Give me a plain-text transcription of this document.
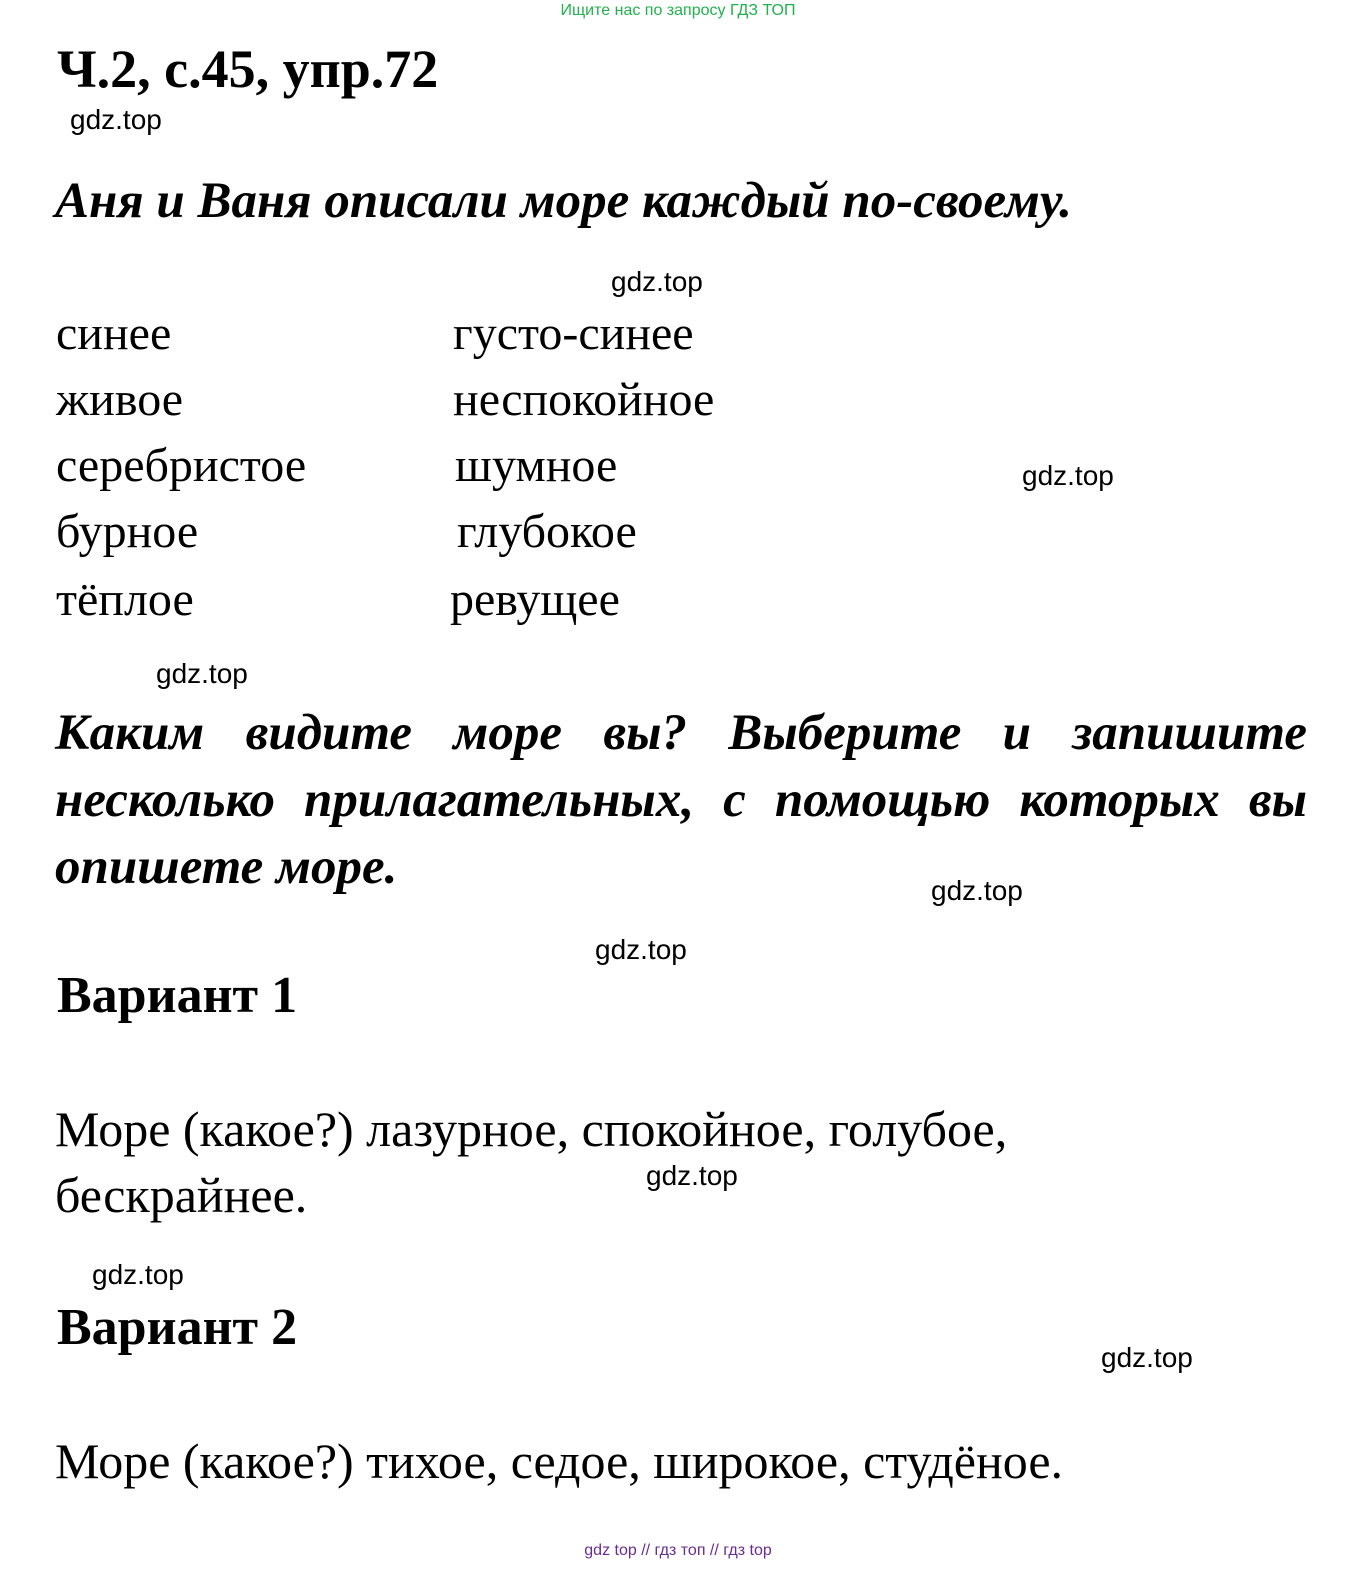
Ищите нас по запросу ГДЗ ТОП
Ч.2, с.45, упр.72
gdz.top
Аня и Ваня описали море каждый по-своему.
gdz.top
синее
живое
серебристое
бурное
тёплое
густо-синее
неспокойное
шумное
глубокое
ревущее
gdz.top
gdz.top
Каким видите море вы? Выберите и запишите несколько прилагательных, с помощью которых вы опишете море.	gdz.top
gdz.top
Вариант 1
Море (какое?) лазурное, спокойное, голубое, бескрайнее.	gdz.top
gdz.top
Вариант 2
gdz.top
Море (какое?) тихое, седое, широкое, студёное.
gdz top // гдз топ // гдз top
